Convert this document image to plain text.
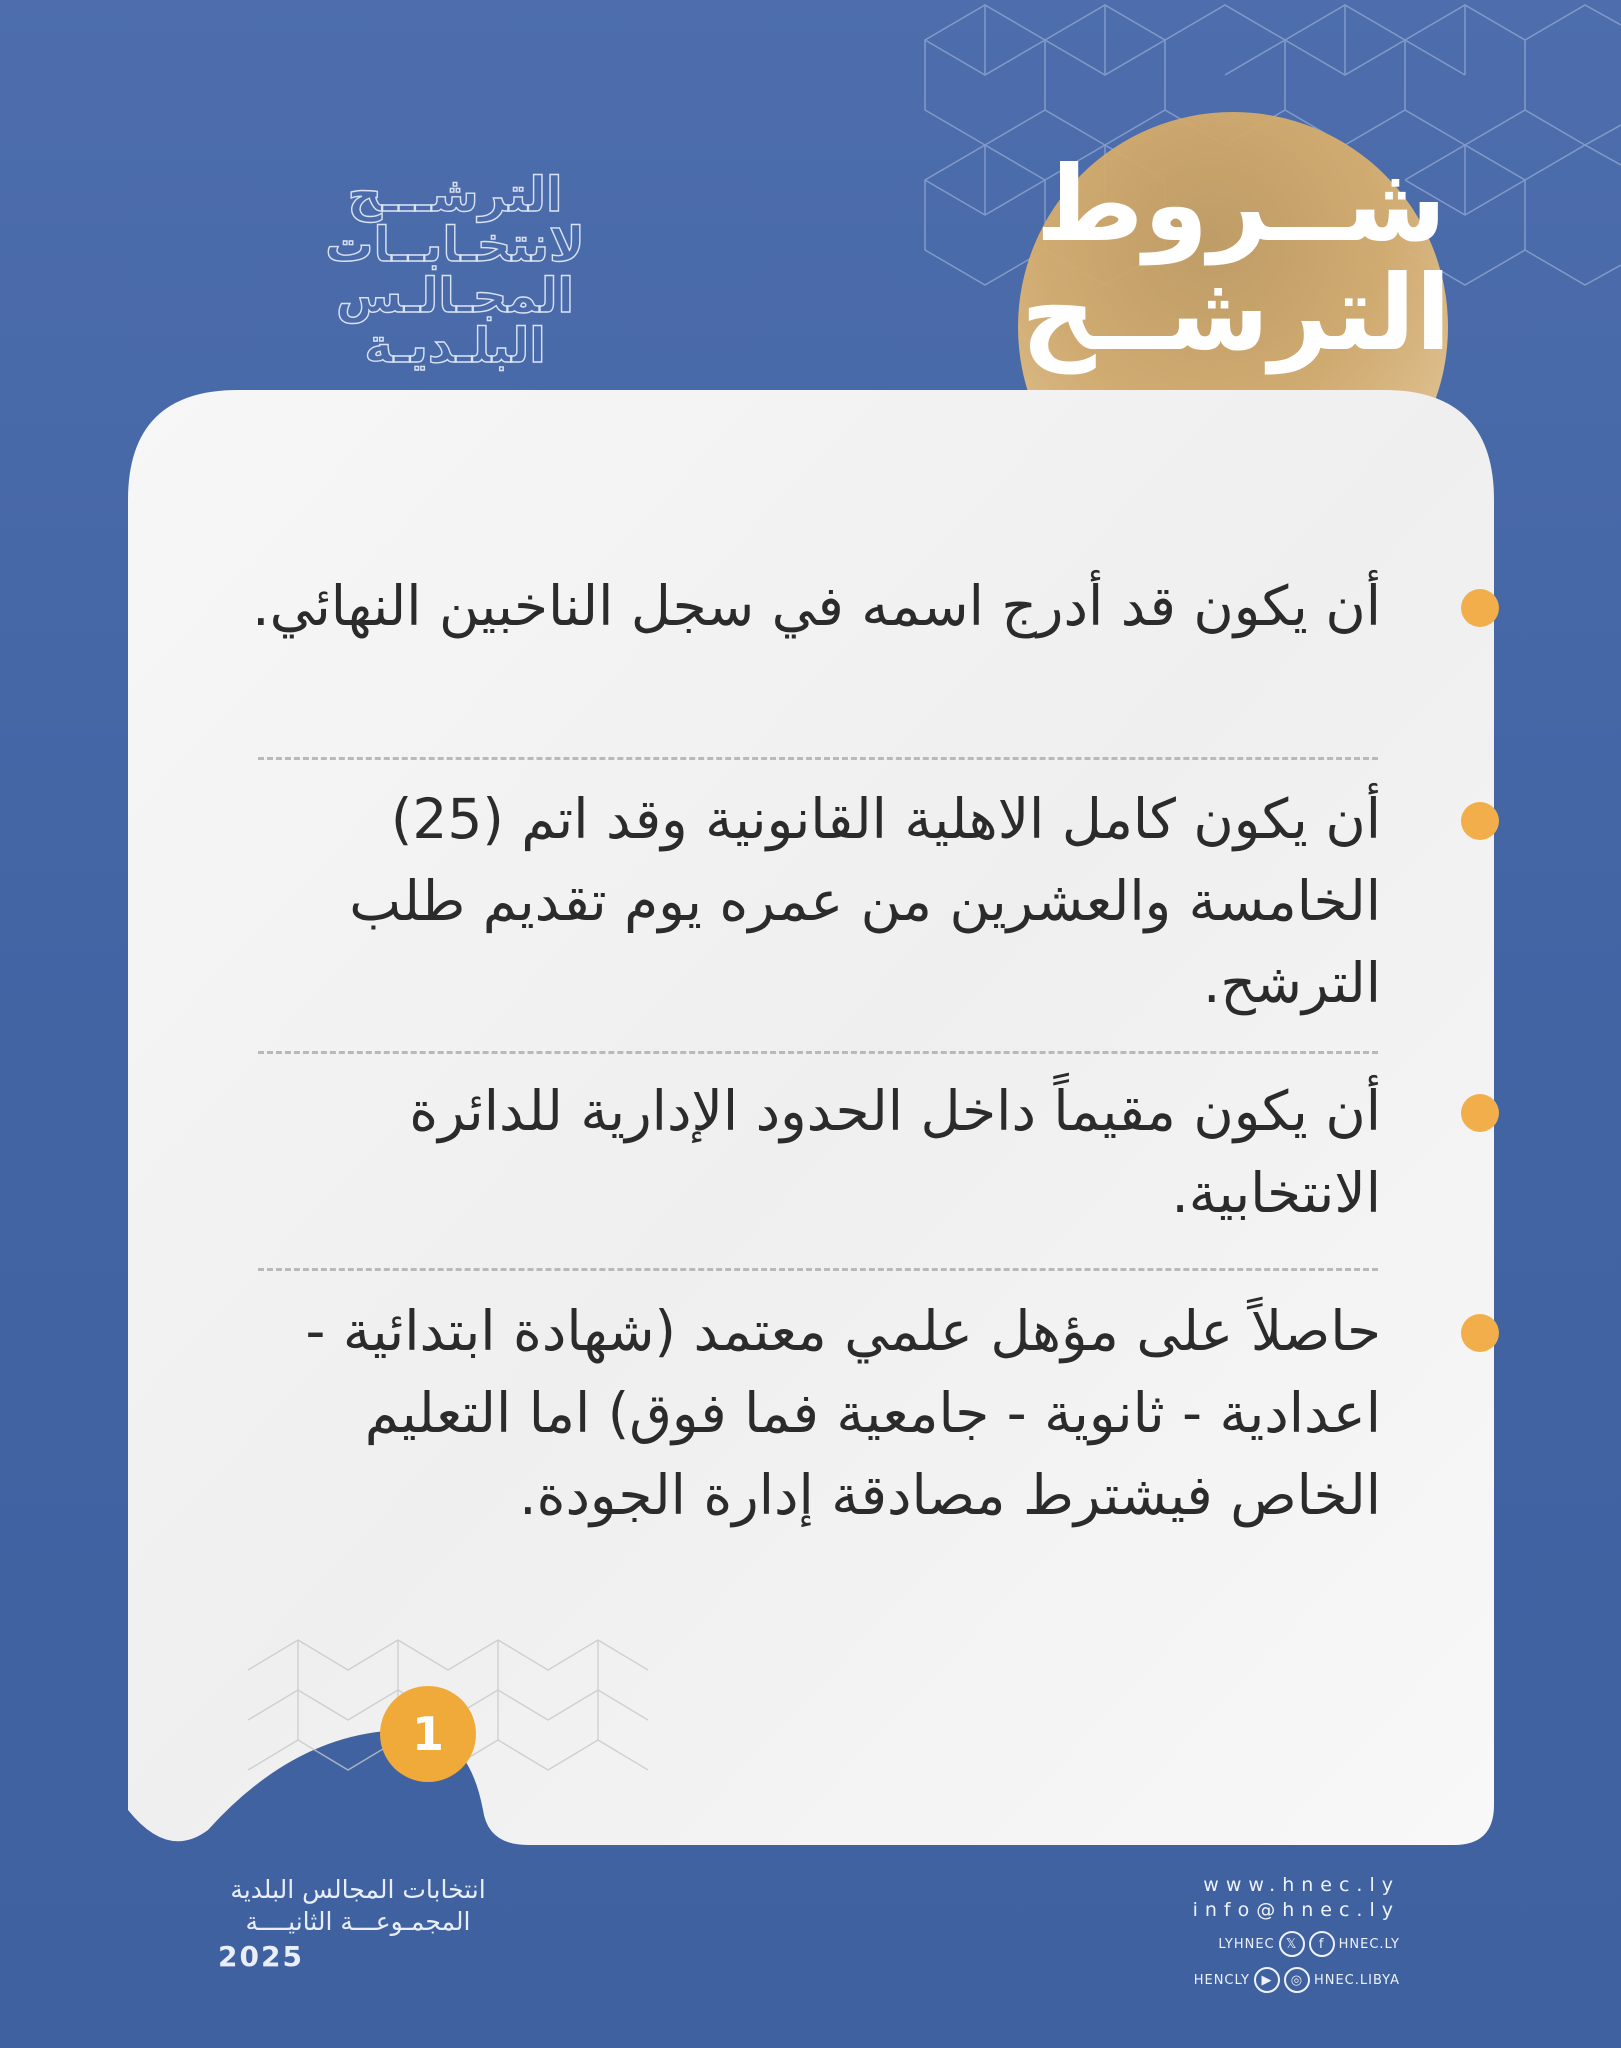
شــروط
الترشــح
الترشـــح
لانتخـابــات
المجـالـس
البلـديـة
أن يكون قد أدرج اسمه في سجل الناخبين النهائي.
أن يكون كامل الاهلية القانونية وقد اتم (25) الخامسة والعشرين من عمره يوم تقديم طلب الترشح.
أن يكون مقيماً داخل الحدود الإدارية للدائرة الانتخابية.
حاصلاً على مؤهل علمي معتمد (شهادة ابتدائية - اعدادية - ثانوية - جامعية فما فوق) اما التعليم الخاص فيشترط مصادقة إدارة الجودة.
1
انتخابات المجالس البلدية
المجمـوعـــة الثانيــــة
2025
www.hnec.ly
info@hnec.ly
LYHNEC 𝕏	f	HNEC.LY
HENCLY ▶	◎ HNEC.LIBYA
